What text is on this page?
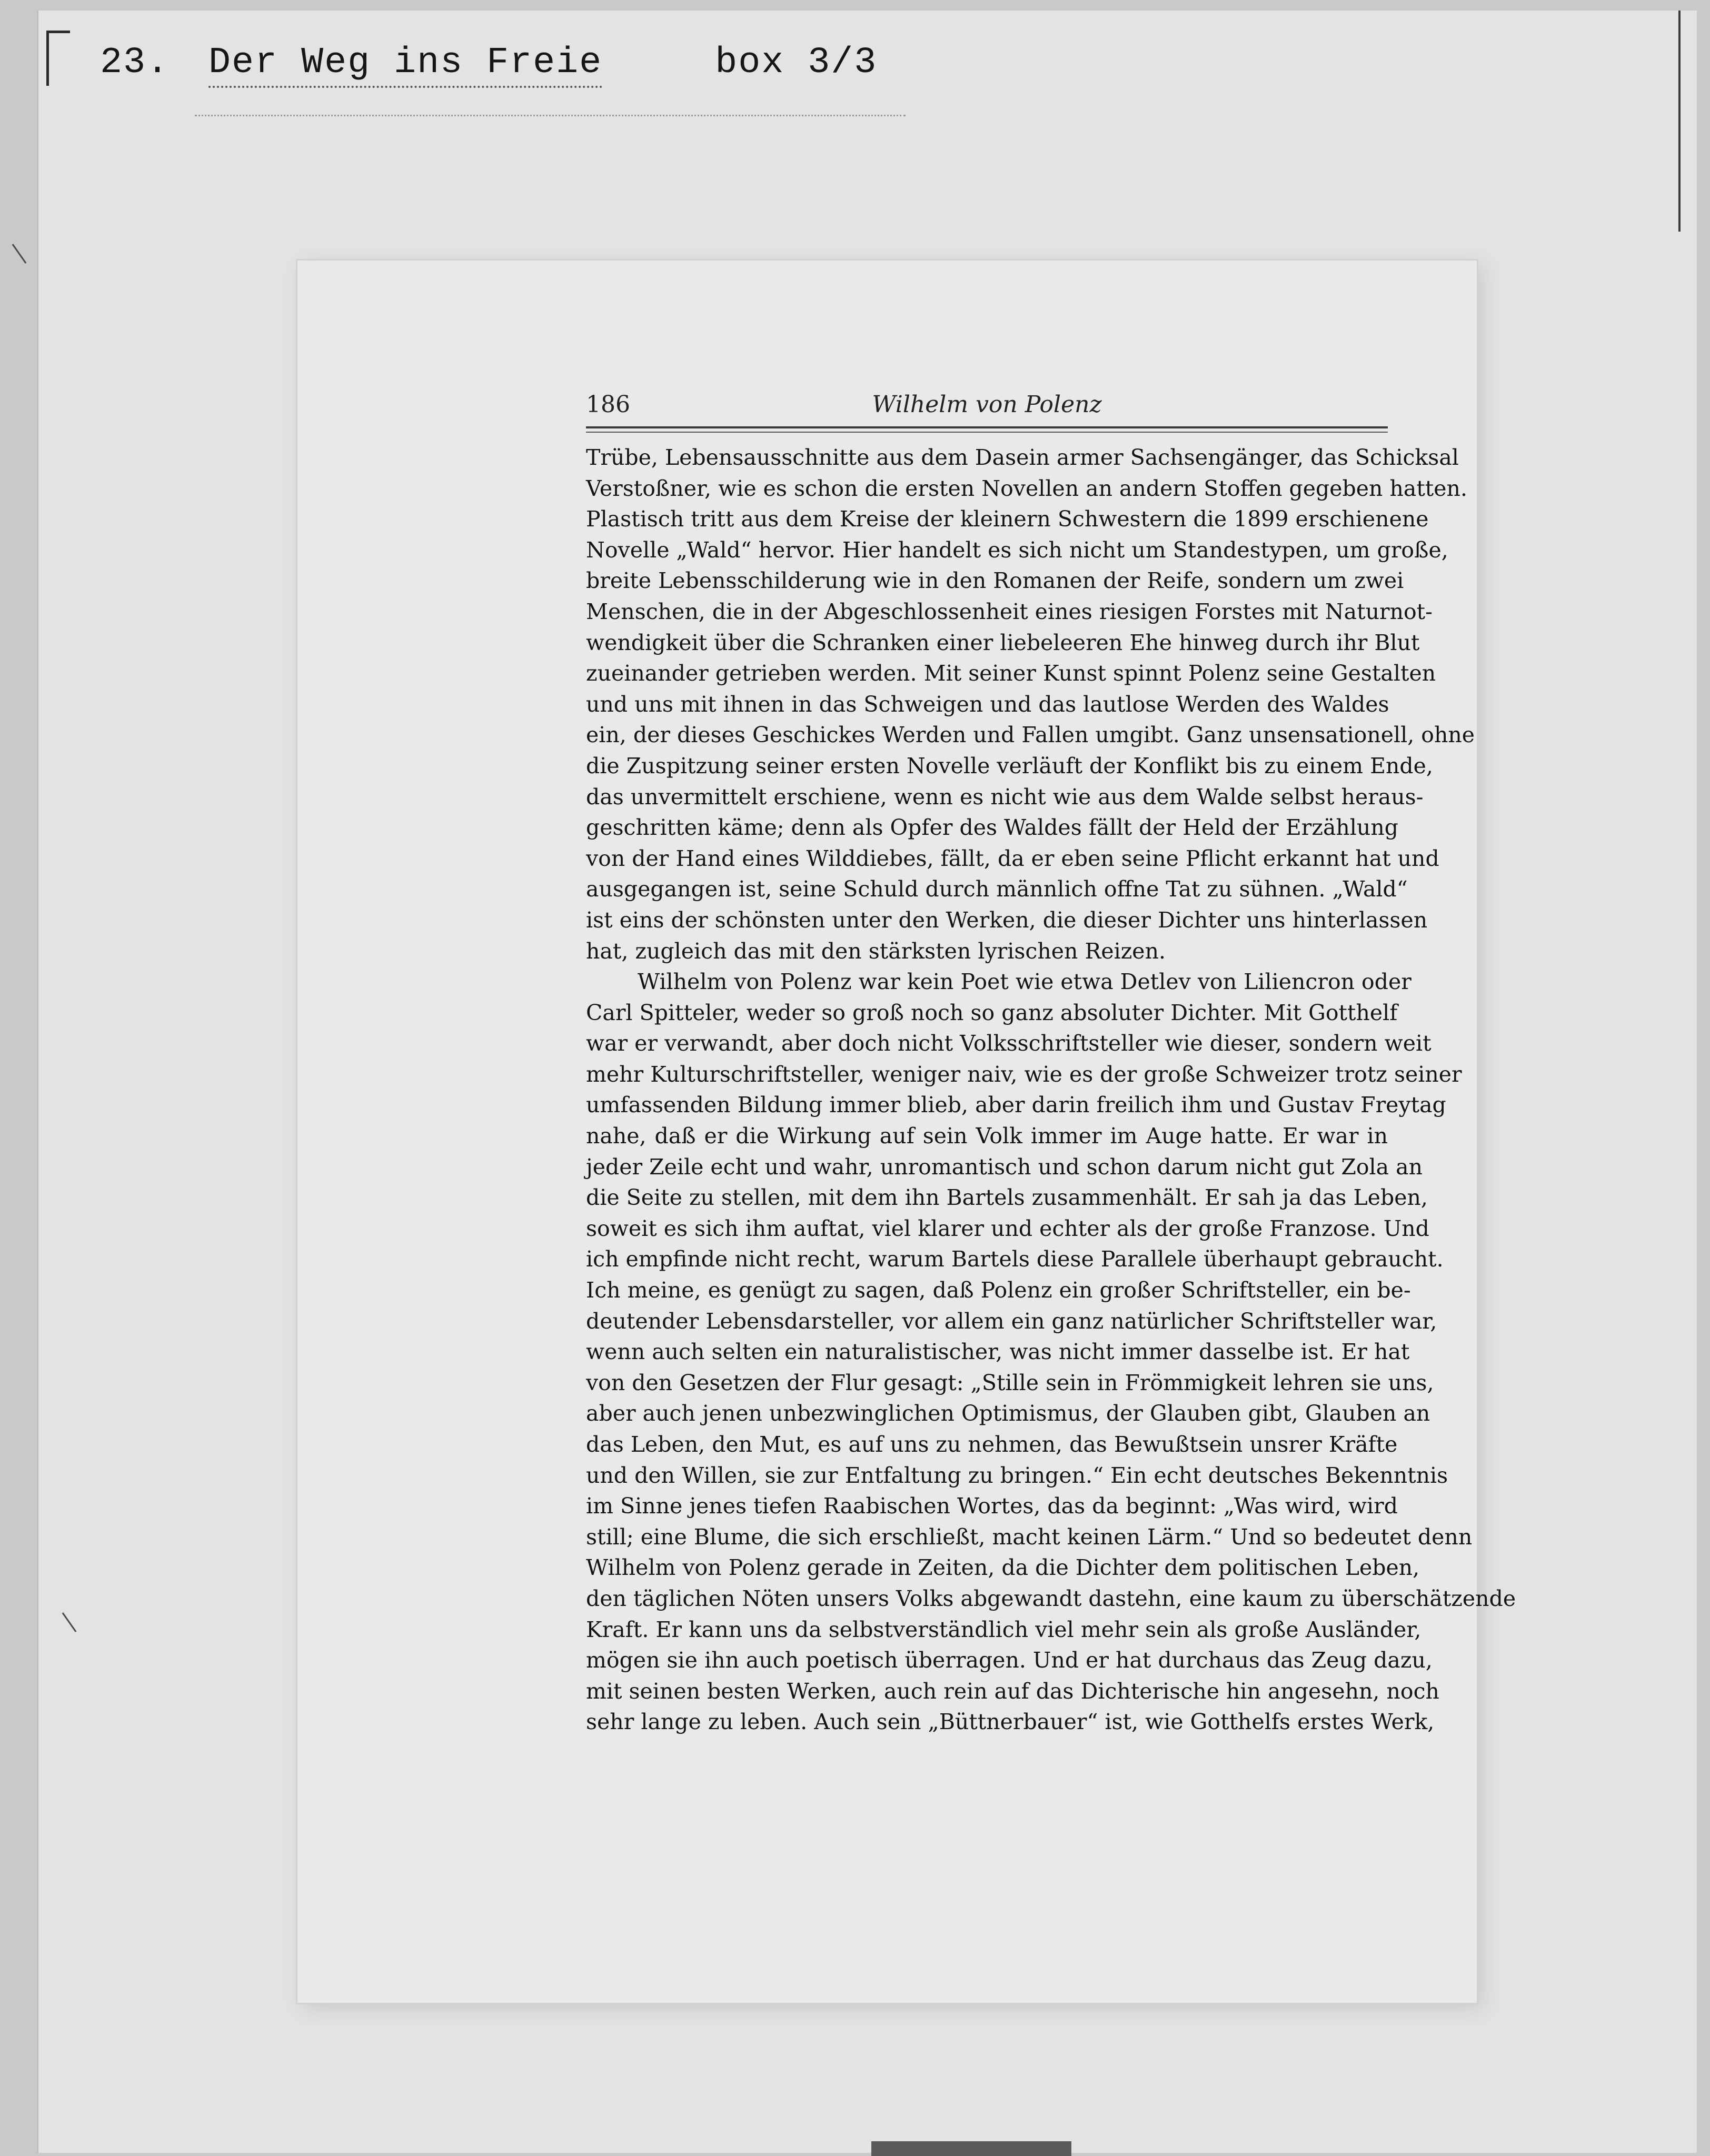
23. Der Weg ins Freie	box 3/3
186	Wilhelm von Polenz
Trübe, Lebensausschnitte aus dem Dasein armer Sachsengänger, das Schicksal
Verstoßner, wie es schon die ersten Novellen an andern Stoffen gegeben hatten.
Plastisch tritt aus dem Kreise der kleinern Schwestern die 1899 erschienene
Novelle „Wald“ hervor. Hier handelt es sich nicht um Standestypen, um große,
breite Lebensschilderung wie in den Romanen der Reife, sondern um zwei
Menschen, die in der Abgeschlossenheit eines riesigen Forstes mit Naturnot-
wendigkeit über die Schranken einer liebeleeren Ehe hinweg durch ihr Blut
zueinander getrieben werden. Mit seiner Kunst spinnt Polenz seine Gestalten
und uns mit ihnen in das Schweigen und das lautlose Werden des Waldes
ein, der dieses Geschickes Werden und Fallen umgibt. Ganz unsensationell, ohne
die Zuspitzung seiner ersten Novelle verläuft der Konflikt bis zu einem Ende,
das unvermittelt erschiene, wenn es nicht wie aus dem Walde selbst heraus-
geschritten käme; denn als Opfer des Waldes fällt der Held der Erzählung
von der Hand eines Wilddiebes, fällt, da er eben seine Pflicht erkannt hat und
ausgegangen ist, seine Schuld durch männlich offne Tat zu sühnen. „Wald“
ist eins der schönsten unter den Werken, die dieser Dichter uns hinterlassen
hat, zugleich das mit den stärksten lyrischen Reizen.
Wilhelm von Polenz war kein Poet wie etwa Detlev von Liliencron oder
Carl Spitteler, weder so groß noch so ganz absoluter Dichter. Mit Gotthelf
war er verwandt, aber doch nicht Volksschriftsteller wie dieser, sondern weit
mehr Kulturschriftsteller, weniger naiv, wie es der große Schweizer trotz seiner
umfassenden Bildung immer blieb, aber darin freilich ihm und Gustav Freytag
nahe, daß er die Wirkung auf sein Volk immer im Auge hatte. Er war in
jeder Zeile echt und wahr, unromantisch und schon darum nicht gut Zola an
die Seite zu stellen, mit dem ihn Bartels zusammenhält. Er sah ja das Leben,
soweit es sich ihm auftat, viel klarer und echter als der große Franzose. Und
ich empfinde nicht recht, warum Bartels diese Parallele überhaupt gebraucht.
Ich meine, es genügt zu sagen, daß Polenz ein großer Schriftsteller, ein be-
deutender Lebensdarsteller, vor allem ein ganz natürlicher Schriftsteller war,
wenn auch selten ein naturalistischer, was nicht immer dasselbe ist. Er hat
von den Gesetzen der Flur gesagt: „Stille sein in Frömmigkeit lehren sie uns,
aber auch jenen unbezwinglichen Optimismus, der Glauben gibt, Glauben an
das Leben, den Mut, es auf uns zu nehmen, das Bewußtsein unsrer Kräfte
und den Willen, sie zur Entfaltung zu bringen.“ Ein echt deutsches Bekenntnis
im Sinne jenes tiefen Raabischen Wortes, das da beginnt: „Was wird, wird
still; eine Blume, die sich erschließt, macht keinen Lärm.“ Und so bedeutet denn
Wilhelm von Polenz gerade in Zeiten, da die Dichter dem politischen Leben,
den täglichen Nöten unsers Volks abgewandt dastehn, eine kaum zu überschätzende
Kraft. Er kann uns da selbstverständlich viel mehr sein als große Ausländer,
mögen sie ihn auch poetisch überragen. Und er hat durchaus das Zeug dazu,
mit seinen besten Werken, auch rein auf das Dichterische hin angesehn, noch
sehr lange zu leben. Auch sein „Büttnerbauer“ ist, wie Gotthelfs erstes Werk,
